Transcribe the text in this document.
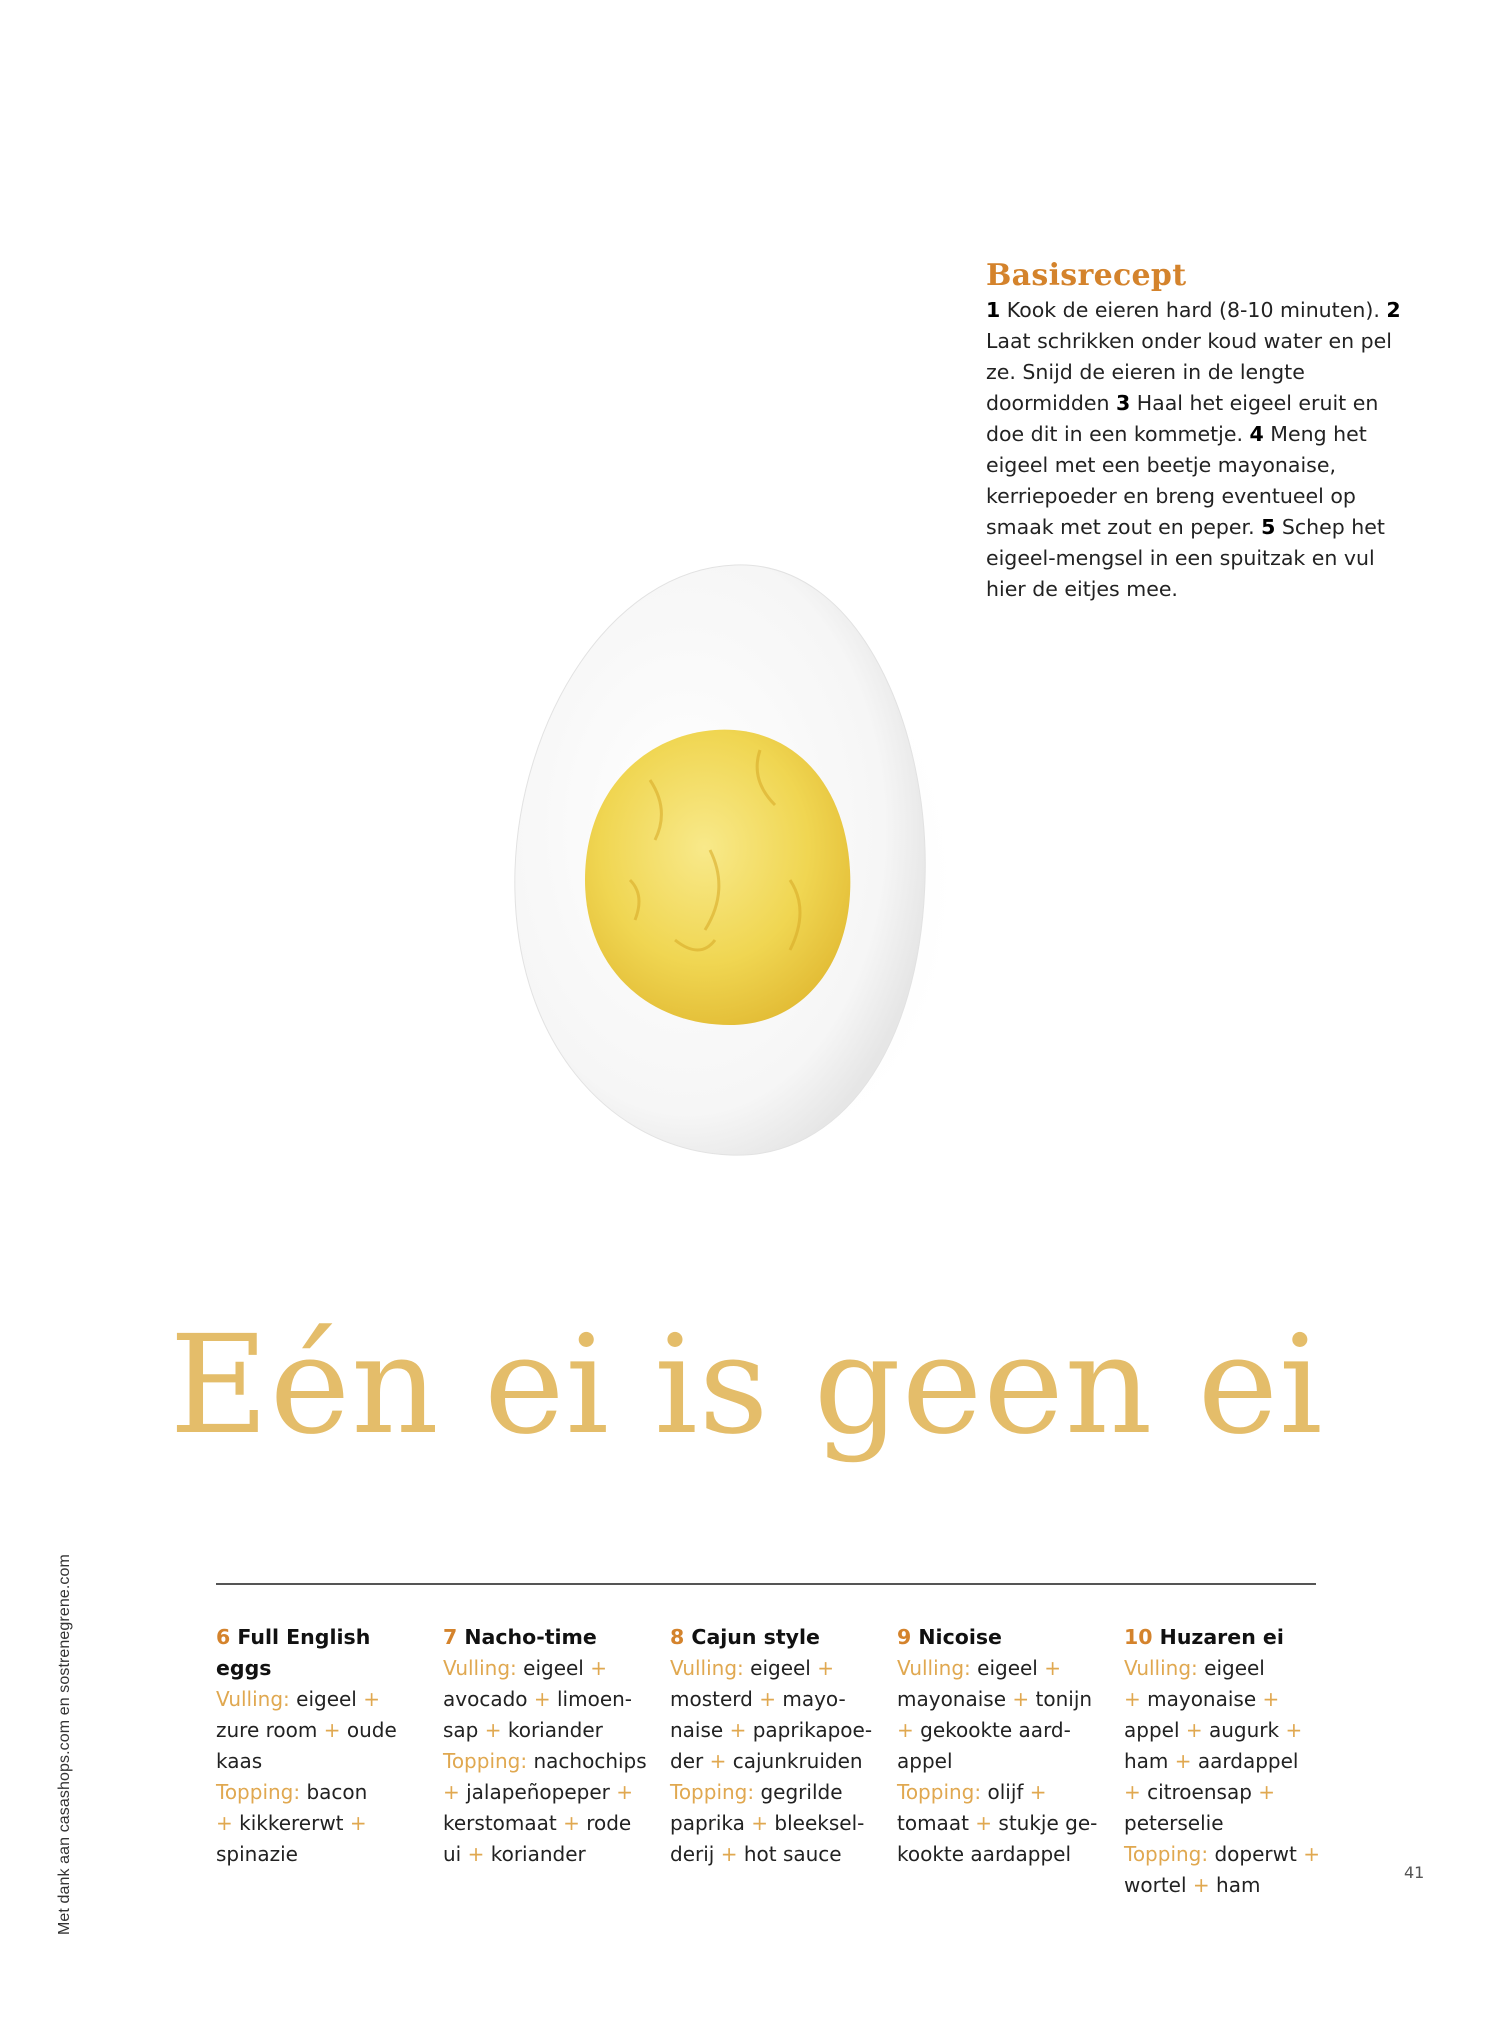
Basisrecept

1 Kook de eieren hard (8-10 minuten). 2 Laat schrikken onder koud water en pel ze. Snijd de eieren in de lengte doormidden 3 Haal het eigeel eruit en doe dit in een kommetje. 4 Meng het eigeel met een beetje mayonaise, kerriepoeder en breng eventueel op smaak met zout en peper. 5 Schep het eigeel-mengsel in een spuitzak en vul hier de eitjes mee.

Eén ei is geen ei
6 Full English eggs
Vulling: eigeel +
zure room + oude
kaas
Topping: bacon
+ kikkererwt +
spinazie
7 Nacho-time
Vulling: eigeel +
avocado + limoen-
sap + koriander
Topping: nachochips
+ jalapeñopeper +
kerstomaat + rode
ui + koriander
8 Cajun style
Vulling: eigeel +
mosterd + mayo-
naise + paprikapoe-
der + cajunkruiden
Topping: gegrilde
paprika + bleeksel-
derij + hot sauce
9 Nicoise
Vulling: eigeel +
mayonaise + tonijn
+ gekookte aard-
appel
Topping: olijf +
tomaat + stukje ge-
kookte aardappel
10 Huzaren ei
Vulling: eigeel
+ mayonaise +
appel + augurk +
ham + aardappel
+ citroensap +
peterselie
Topping: doperwt +
wortel + ham
Met dank aan casashops.com en sostrenegrene.com	41
